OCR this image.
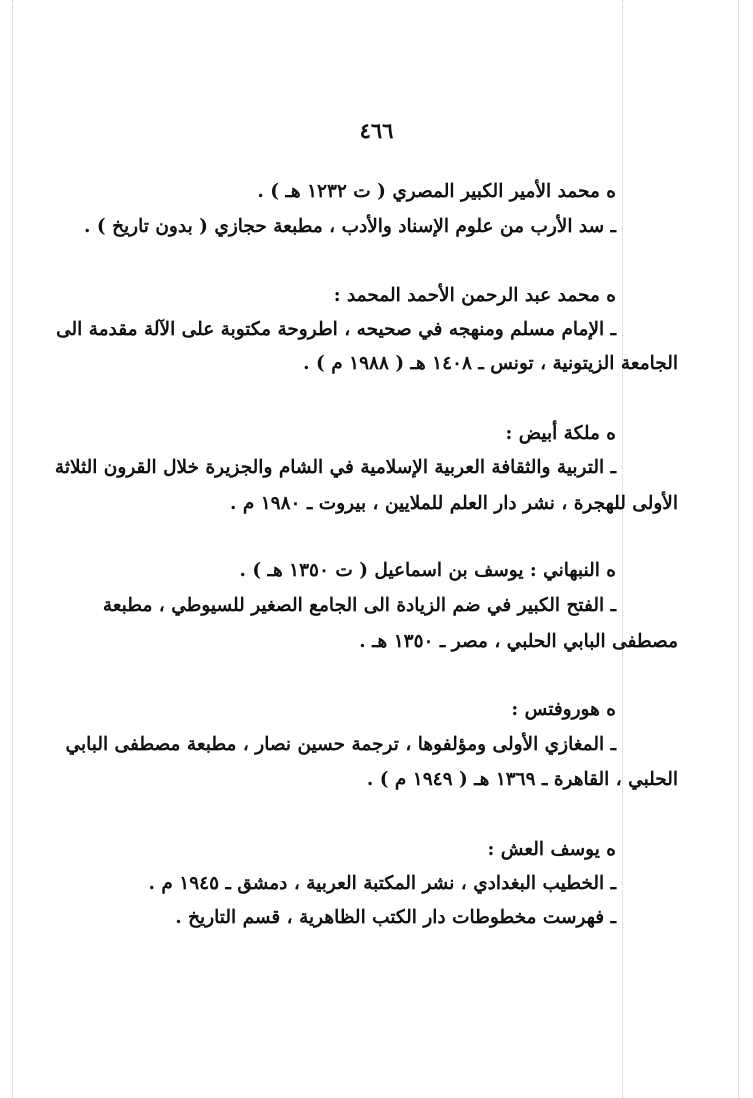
٤٦٦
ه محمد الأمير الكبير المصري ( ت ١٢٣٢ هـ ) .
ـ سد الأرب من علوم الإسناد والأدب ، مطبعة حجازي ( بدون تاريخ ) .
ه محمد عبد الرحمن الأحمد المحمد :
ـ الإمام مسلم ومنهجه في صحيحه ، اطروحة مكتوبة على الآلة مقدمة الى
الجامعة الزيتونية ، تونس ـ ١٤٠٨ هـ ( ١٩٨٨ م ) .
ه ملكة أبيض :
ـ التربية والثقافة العربية الإسلامية في الشام والجزيرة خلال القرون الثلاثة
الأولى للهجرة ، نشر دار العلم للملايين ، بيروت ـ ١٩٨٠ م .
ه النبهاني : يوسف بن اسماعيل ( ت ١٣٥٠ هـ ) .
ـ الفتح الكبير في ضم الزيادة الى الجامع الصغير للسيوطي ، مطبعة
مصطفى البابي الحلبي ، مصر ـ ١٣٥٠ هـ .
ه هوروفتس :
ـ المغازي الأولى ومؤلفوها ، ترجمة حسين نصار ، مطبعة مصطفى البابي
الحلبي ، القاهرة ـ ١٣٦٩ هـ ( ١٩٤٩ م ) .
ه يوسف العش :
ـ الخطيب البغدادي ، نشر المكتبة العربية ، دمشق ـ ١٩٤٥ م .
ـ فهرست مخطوطات دار الكتب الظاهرية ، قسم التاريخ .
